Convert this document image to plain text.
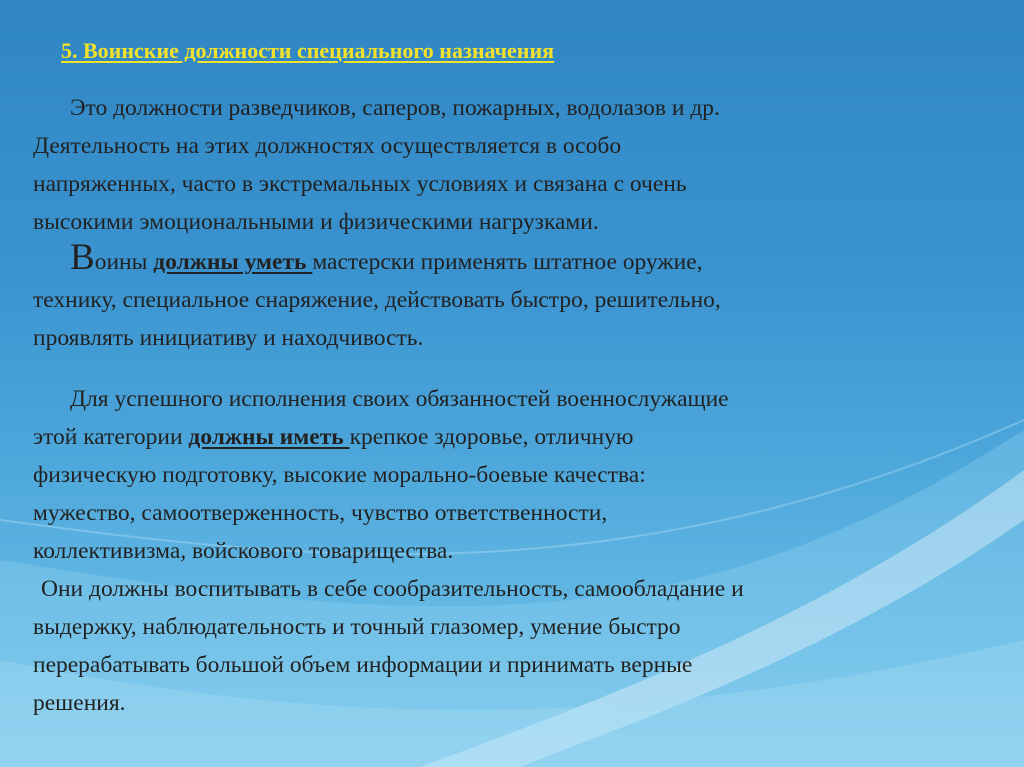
5. Воинские должности специального назначения

Это должности разведчиков, саперов, пожарных, водолазов и др.
Деятельность на этих должностях осуществляется в особо
напряженных, часто в экстремальных условиях и связана с очень
высокими эмоциональными и физическими нагрузками.

Воины должны уметь мастерски применять штатное оружие,
технику, специальное снаряжение, действовать быстро, решительно,
проявлять инициативу и находчивость.

Для успешного исполнения своих обязанностей военнослужащие
этой категории должны иметь крепкое здоровье, отличную
физическую подготовку, высокие морально-боевые качества:
мужество, самоотверженность, чувство ответственности,
коллективизма, войскового товарищества.

Они должны воспитывать в себе сообразительность, самообладание и
выдержку, наблюдательность и точный глазомер, умение быстро
перерабатывать большой объем информации и принимать верные
решения.
